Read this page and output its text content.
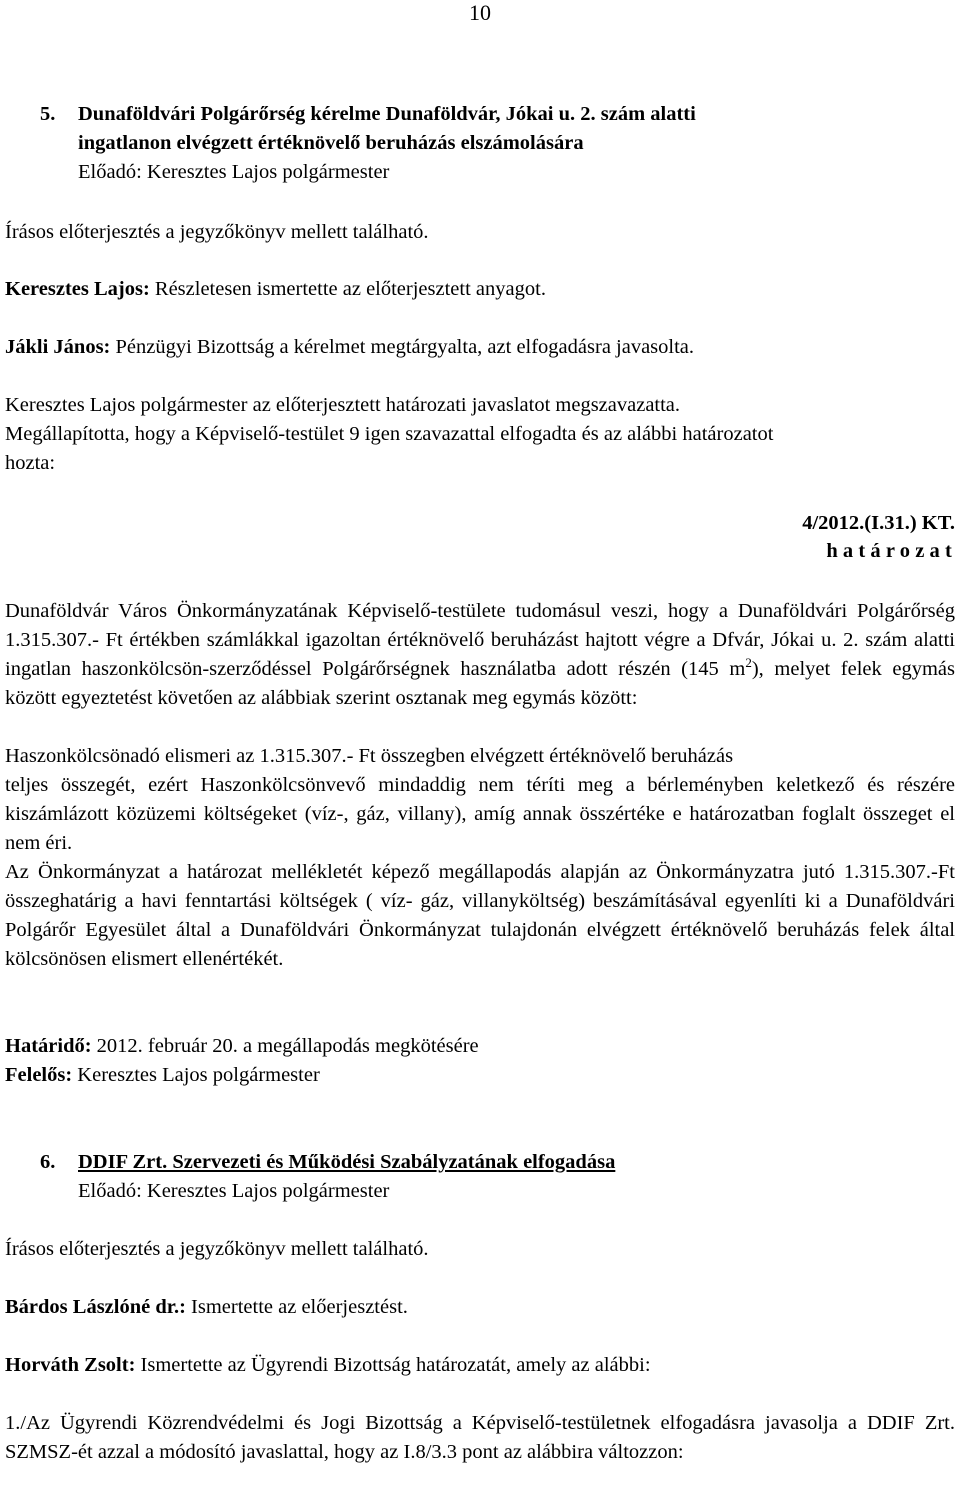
10
5. Dunaföldvári Polgárőrség kérelme Dunaföldvár, Jókai u. 2. szám alatti
ingatlanon elvégzett értéknövelő beruházás elszámolására
Előadó: Keresztes Lajos polgármester

Írásos előterjesztés a jegyzőkönyv mellett található.

Keresztes Lajos: Részletesen ismertette az előterjesztett anyagot.

Jákli János: Pénzügyi Bizottság a kérelmet megtárgyalta, azt elfogadásra javasolta.

Keresztes Lajos polgármester az előterjesztett határozati javaslatot megszavazatta.
Megállapította, hogy a Képviselő-testület 9 igen szavazattal elfogadta és az alábbi határozatot
hozta:
4/2012.(I.31.) KT.
határozat
Dunaföldvár Város Önkormányzatának Képviselő-testülete tudomásul veszi, hogy a Dunaföldvári Polgárőrség 1.315.307.- Ft értékben számlákkal igazoltan értéknövelő beruházást hajtott végre a Dfvár, Jókai u. 2. szám alatti ingatlan haszonkölcsön-szerződéssel Polgárőrségnek használatba adott részén (145 $m^2$), melyet felek egymás között egyeztetést követően az alábbiak szerint osztanak meg egymás között:
Haszonkölcsönadó elismeri az 1.315.307.- Ft összegben elvégzett értéknövelő beruházás
teljes összegét, ezért Haszonkölcsönvevő mindaddig nem téríti meg a bérleményben keletkező és részére kiszámlázott közüzemi költségeket (víz-, gáz, villany), amíg annak összértéke e határozatban foglalt összeget el nem éri.
Az Önkormányzat a határozat mellékletét képező megállapodás alapján az Önkormányzatra jutó 1.315.307.-Ft összeghatárig a havi fenntartási költségek ( víz- gáz, villanyköltség) beszámításával egyenlíti ki a Dunaföldvári Polgárőr Egyesület által a Dunaföldvári Önkormányzat tulajdonán elvégzett értéknövelő beruházás felek által kölcsönösen elismert ellenértékét.

Határidő: 2012. február 20. a megállapodás megkötésére

Felelős: Keresztes Lajos polgármester

6. DDIF Zrt. Szervezeti és Működési Szabályzatának elfogadása
Előadó: Keresztes Lajos polgármester

Írásos előterjesztés a jegyzőkönyv mellett található.

Bárdos Lászlóné dr.: Ismertette az előerjesztést.

Horváth Zsolt: Ismertette az Ügyrendi Bizottság határozatát, amely az alábbi:

1./Az Ügyrendi Közrendvédelmi és Jogi Bizottság a Képviselő-testületnek elfogadásra javasolja a DDIF Zrt. SZMSZ-ét azzal a módosító javaslattal, hogy az I.8/3.3 pont az alábbira változzon:
